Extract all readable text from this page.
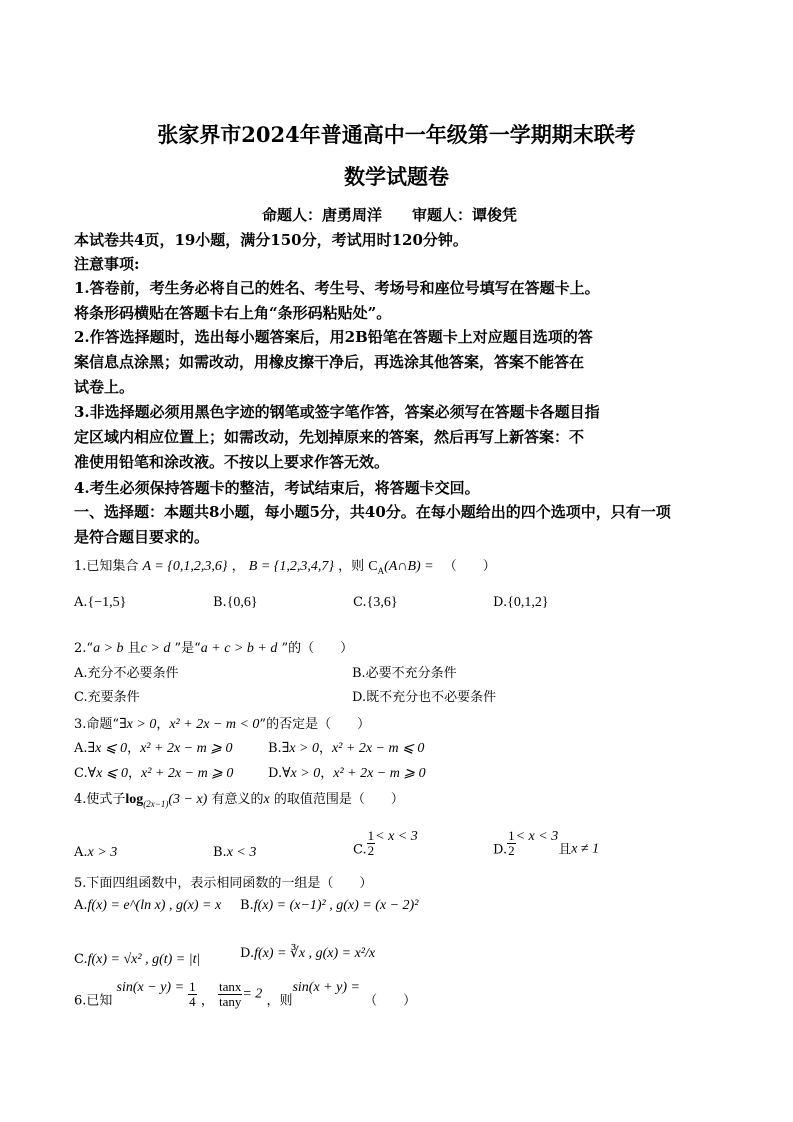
张家界市2024年普通高中一年级第一学期期末联考
数学试题卷
命题人：唐勇周洋　　审题人：谭俊凭
本试卷共4页，19小题，满分150分，考试用时120分钟。
注意事项:
1.答卷前，考生务必将自己的姓名、考生号、考场号和座位号填写在答题卡上。
将条形码横贴在答题卡右上角“条形码粘贴处”。
2.作答选择题时，选出每小题答案后，用2B铅笔在答题卡上对应题目选项的答
案信息点涂黑；如需改动，用橡皮擦干净后，再选涂其他答案，答案不能答在
试卷上。
3.非选择题必须用黑色字迹的钢笔或签字笔作答，答案必须写在答题卡各题目指
定区域内相应位置上；如需改动，先划掉原来的答案，然后再写上新答案：不
准使用铅笔和涂改液。不按以上要求作答无效。
4.考生必须保持答题卡的整洁，考试结束后，将答题卡交回。
一、选择题：本题共8小题，每小题5分，共40分。在每小题给出的四个选项中，只有一项
是符合题目要求的。
1.已知集合 A = {0,1,2,3,6} ， B = {1,2,3,4,7} ，则 $C_A(A\cap B)$ = （　　）
A.{−1,5}	B.{0,6}	C.{3,6}	D.{0,1,2}
2.“a > b 且c > d ”是“a + c > b + d ”的（　　）
A.充分不必要条件	B.必要不充分条件
C.充要条件	D.既不充分也不必要条件
3.命题“∃x > 0，x² + 2x − m < 0”的否定是（　　）
A.∃x ⩽ 0，x² + 2x − m ⩾ 0	B.∃x > 0，x² + 2x − m ⩽ 0
C.∀x ⩽ 0，x² + 2x − m ⩾ 0	D.∀x > 0，x² + 2x − m ⩾ 0
4.使式子$\log_{(2x-1)}(3 - x)$ 有意义的x 的取值范围是（　　）
A.x > 3	B.x < 3	C. $\frac{1}{2} < x < 3$
D. $\frac{1}{2} < x < 3$且x ≠ 1
5.下面四组函数中，表示相同函数的一组是（　　）
A.f(x) = e^(ln x) , g(x) = x B.f(x) = (x−1)² , g(x) = (x − 2)²
C.f(x) = √x² , g(t) = |t|	D.f(x) = ∛x , g(x) = x²/x
6.已知 $\sin(x - y) = \frac{1}{4}$ ， $\frac{\tan x}{\tan y} = 2$ ，则sin(x + y) = （　　）
